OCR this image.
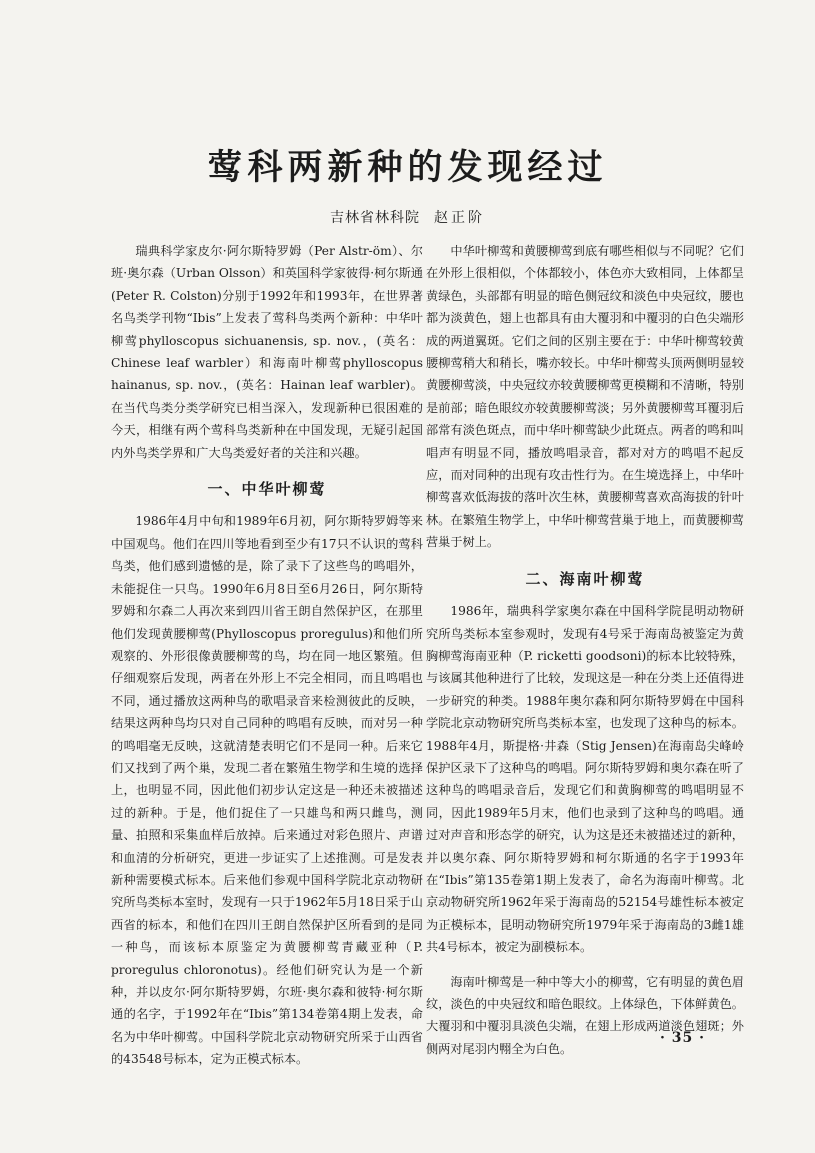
莺科两新种的发现经过
吉林省林科院 赵正阶

瑞典科学家皮尔·阿尔斯特罗姆（Per Alstr-öm）、尔班·奥尔森（Urban Olsson）和英国科学家彼得·柯尔斯通(Peter R. Colston)分别于1992年和1993年，在世界著名鸟类学刊物“Ibis”上发表了莺科鸟类两个新种：中华叶柳莺phylloscopus sichuanensis, sp. nov.，(英名：Chinese leaf warbler）和海南叶柳莺phylloscopus hainanus, sp. nov.，(英名：Hainan leaf warbler)。在当代鸟类分类学研究已相当深入，发现新种已很困难的今天，相继有两个莺科鸟类新种在中国发现，无疑引起国内外鸟类学界和广大鸟类爱好者的关注和兴趣。

一、中华叶柳莺

1986年4月中旬和1989年6月初，阿尔斯特罗姆等来中国观鸟。他们在四川等地看到至少有17只不认识的莺科鸟类，他们感到遗憾的是，除了录下了这些鸟的鸣唱外，未能捉住一只鸟。1990年6月8日至6月26日，阿尔斯特罗姆和尔森二人再次来到四川省王朗自然保护区，在那里他们发现黄腰柳莺(Phylloscopus proregulus)和他们所观察的、外形很像黄腰柳莺的鸟，均在同一地区繁殖。但仔细观察后发现，两者在外形上不完全相同，而且鸣唱也不同，通过播放这两种鸟的歌唱录音来检测彼此的反映，结果这两种鸟均只对自己同种的鸣唱有反映，而对另一种的鸣唱毫无反映，这就清楚表明它们不是同一种。后来它们又找到了两个巢，发现二者在繁殖生物学和生境的选择上，也明显不同，因此他们初步认定这是一种还未被描述过的新种。于是，他们捉住了一只雄鸟和两只雌鸟，测量、拍照和采集血样后放掉。后来通过对彩色照片、声谱和血清的分析研究，更进一步证实了上述推测。可是发表新种需要模式标本。后来他们参观中国科学院北京动物研究所鸟类标本室时，发现有一只于1962年5月18日采于山西省的标本，和他们在四川王朗自然保护区所看到的是同一种鸟，而该标本原鉴定为黄腰柳莺青藏亚种（P. proregulus chloronotus)。经他们研究认为是一个新种，并以皮尔·阿尔斯特罗姆，尔班·奥尔森和彼特·柯尔斯通的名字，于1992年在“Ibis”第134卷第4期上发表，命名为中华叶柳莺。中国科学院北京动物研究所采于山西省的43548号标本，定为正模式标本。

中华叶柳莺和黄腰柳莺到底有哪些相似与不同呢？它们在外形上很相似，个体都较小，体色亦大致相同，上体都呈黄绿色，头部都有明显的暗色侧冠纹和淡色中央冠纹，腰也都为淡黄色，翅上也都具有由大覆羽和中覆羽的白色尖端形成的两道翼斑。它们之间的区别主要在于：中华叶柳莺较黄腰柳莺稍大和稍长，嘴亦较长。中华叶柳莺头顶两侧明显较黄腰柳莺淡，中央冠纹亦较黄腰柳莺更模糊和不清晰，特别是前部；暗色眼纹亦较黄腰柳莺淡；另外黄腰柳莺耳覆羽后部常有淡色斑点，而中华叶柳莺缺少此斑点。两者的鸣和叫唱声有明显不同，播放鸣唱录音，都对对方的鸣唱不起反应，而对同种的出现有攻击性行为。在生境选择上，中华叶柳莺喜欢低海拔的落叶次生林，黄腰柳莺喜欢高海拔的针叶林。在繁殖生物学上，中华叶柳莺营巢于地上，而黄腰柳莺营巢于树上。

二、海南叶柳莺

1986年，瑞典科学家奥尔森在中国科学院昆明动物研究所鸟类标本室参观时，发现有4号采于海南岛被鉴定为黄胸柳莺海南亚种（P. ricketti goodsoni)的标本比较特殊，与该属其他种进行了比较，发现这是一种在分类上还值得进一步研究的种类。1988年奥尔森和阿尔斯特罗姆在中国科学院北京动物研究所鸟类标本室，也发现了这种鸟的标本。1988年4月，斯提格·井森（Stig Jensen)在海南岛尖峰岭保护区录下了这种鸟的鸣唱。阿尔斯特罗姆和奥尔森在听了这种鸟的鸣唱录音后，发现它们和黄胸柳莺的鸣唱明显不同，因此1989年5月末，他们也录到了这种鸟的鸣唱。通过对声音和形态学的研究，认为这是还未被描述过的新种，并以奥尔森、阿尔斯特罗姆和柯尔斯通的名字于1993年在“Ibis”第135卷第1期上发表了，命名为海南叶柳莺。北京动物研究所1962年采于海南岛的52154号雄性标本被定为正模标本，昆明动物研究所1979年采于海南岛的3雌1雄共4号标本，被定为副模标本。

海南叶柳莺是一种中等大小的柳莺，它有明显的黄色眉纹，淡色的中央冠纹和暗色眼纹。上体绿色，下体鲜黄色。大覆羽和中覆羽具淡色尖端，在翅上形成两道淡色翅斑；外侧两对尾羽内翈全为白色。

· 35 ·
